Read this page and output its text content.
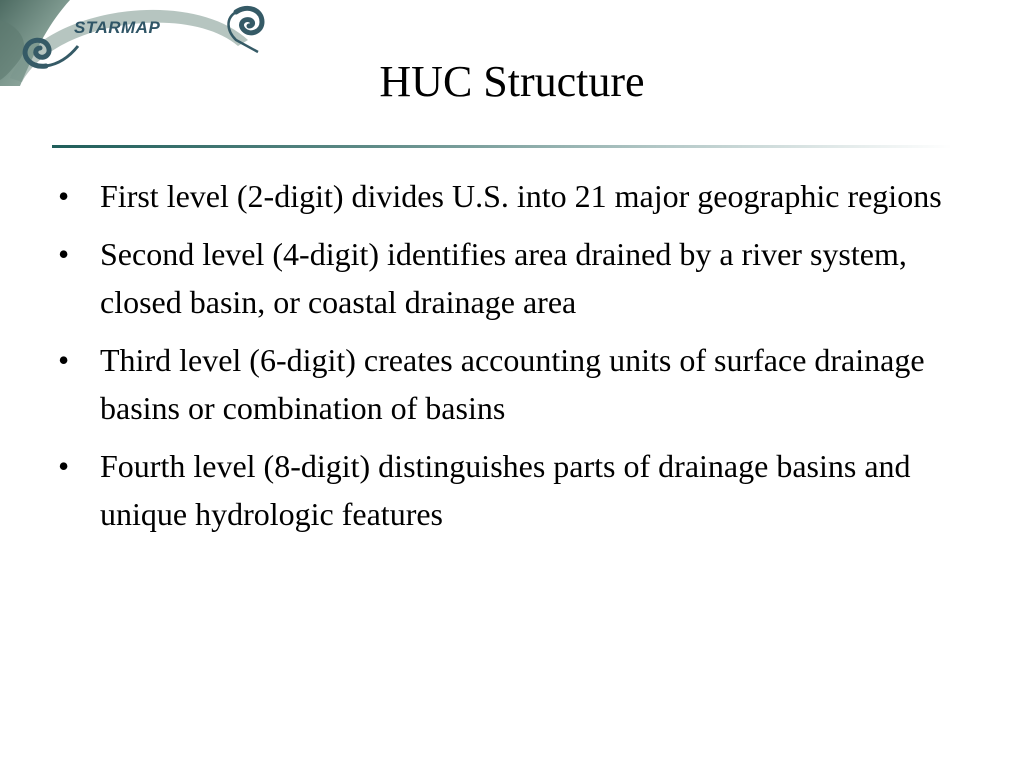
STARMAP
HUC Structure
• First level (2-digit) divides U.S. into 21 major geographic regions
• Second level (4-digit) identifies area drained by a river system, closed basin, or coastal drainage area
• Third level (6-digit) creates accounting units of surface drainage basins or combination of basins
• Fourth level (8-digit) distinguishes parts of drainage basins and unique hydrologic features
